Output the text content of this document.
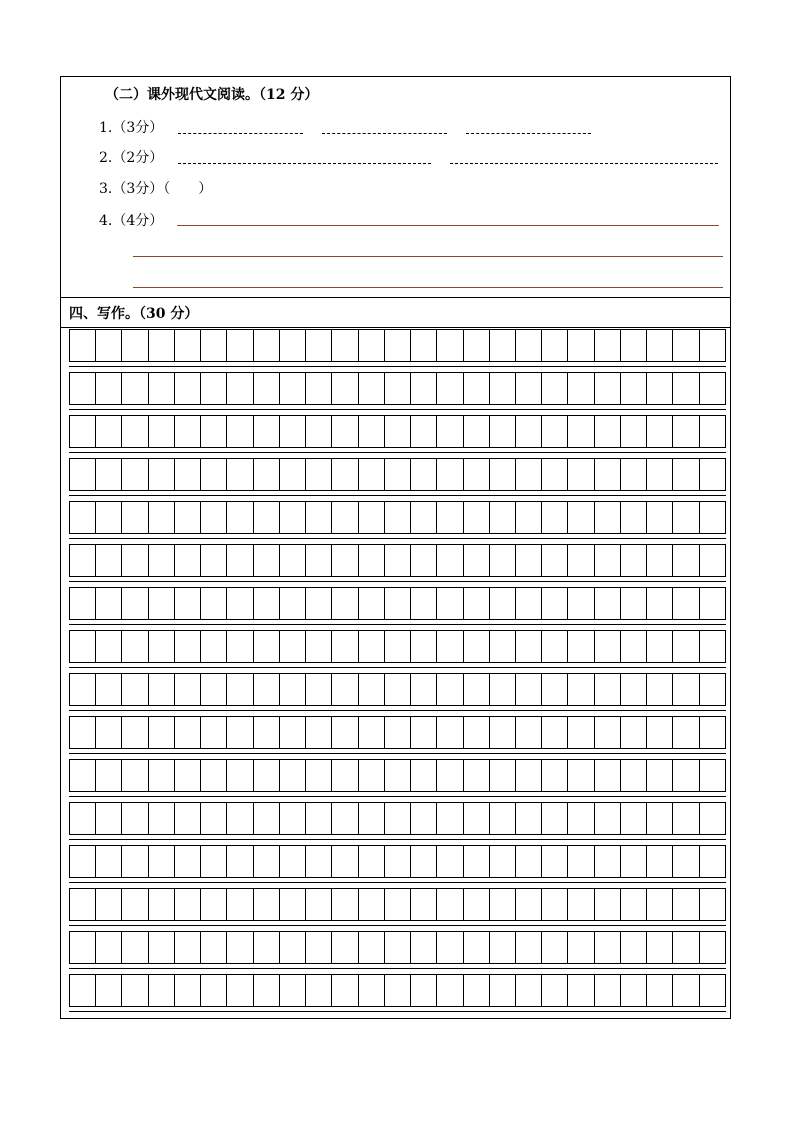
（二）课外现代文阅读。（12 分）
1.（3分）
2.（2分）
3.（3分）（　　）
4.（4分）
四、写作。（30 分）
